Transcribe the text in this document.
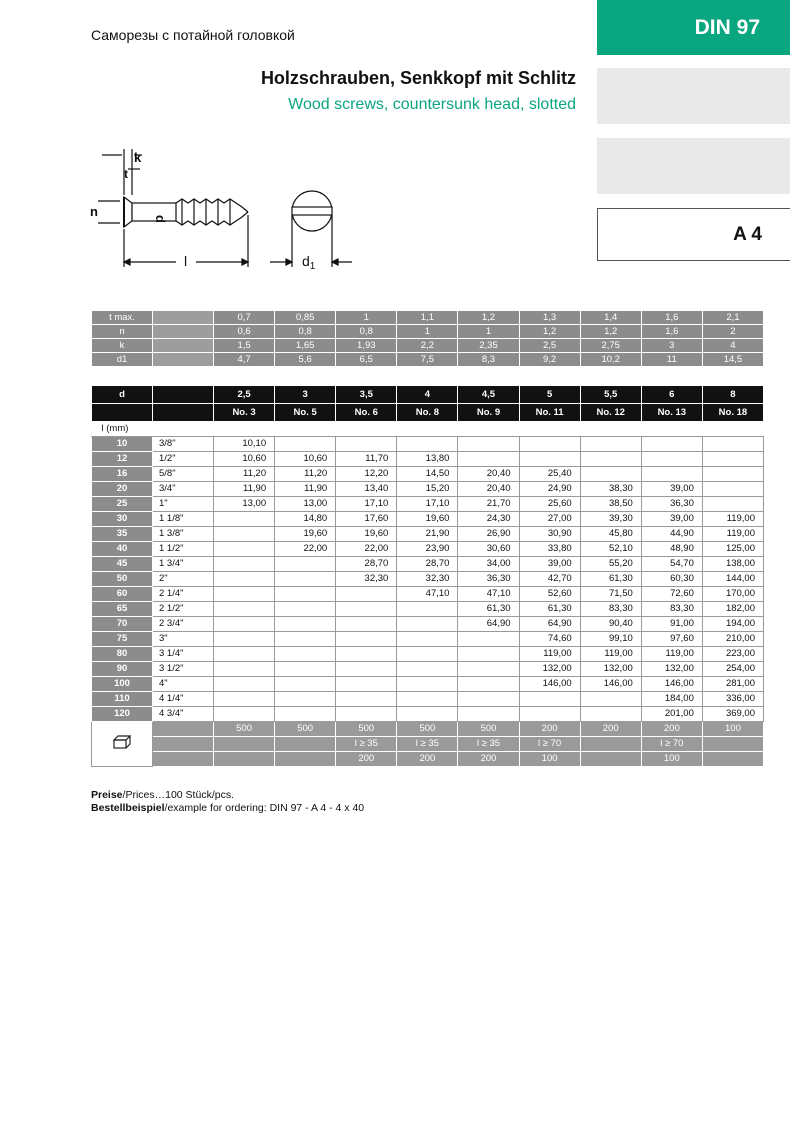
Саморезы с потайной головкой	DIN 97
A 4
Holzschrauben, Senkkopf mit Schlitz
Wood screws, countersunk head, slotted
k
t
n	d
l	$d_1$
t max.		0,7	0,85	1	1,1	1,2	1,3	1,4	1,6	2,1
n		0,6	0,8	0,8	1	1	1,2	1,2	1,6	2
k		1,5	1,65	1,93	2,2	2,35	2,5	2,75	3	4
d1		4,7	5,6	6,5	7,5	8,3	9,2	10,2	11	14,5
d		2,5	3	3,5	4	4,5	5	5,5	6	8
		No. 3	No. 5	No. 6	No. 8	No. 9	No. 11	No. 12	No. 13	No. 18
l (mm)										
10	3/8"	10,10								
12	1/2"	10,60	10,60	11,70	13,80					
16	5/8"	11,20	11,20	12,20	14,50	20,40	25,40			
20	3/4"	11,90	11,90	13,40	15,20	20,40	24,90	38,30	39,00	
25	1"	13,00	13,00	17,10	17,10	21,70	25,60	38,50	36,30	
30	1 1/8"		14,80	17,60	19,60	24,30	27,00	39,30	39,00	119,00
35	1 3/8"		19,60	19,60	21,90	26,90	30,90	45,80	44,90	119,00
40	1 1/2"		22,00	22,00	23,90	30,60	33,80	52,10	48,90	125,00
45	1 3/4"			28,70	28,70	34,00	39,00	55,20	54,70	138,00
50	2"			32,30	32,30	36,30	42,70	61,30	60,30	144,00
60	2 1/4"				47,10	47,10	52,60	71,50	72,60	170,00
65	2 1/2"					61,30	61,30	83,30	83,30	182,00
70	2 3/4"					64,90	64,90	90,40	91,00	194,00
75	3"						74,60	99,10	97,60	210,00
80	3 1/4"						119,00	119,00	119,00	223,00
90	3 1/2"						132,00	132,00	132,00	254,00
100	4"						146,00	146,00	146,00	281,00
110	4 1/4"								184,00	336,00
120	4 3/4"								201,00	369,00
		500	500	500	500	500	200	200	200	100
				l ≥ 35	l ≥ 35	l ≥ 35	l ≥ 70		l ≥ 70	
				200	200	200	100		100	
Preise/Prices…100 Stück/pcs.
Bestellbeispiel/example for ordering: DIN 97 - A 4 - 4 x 40
